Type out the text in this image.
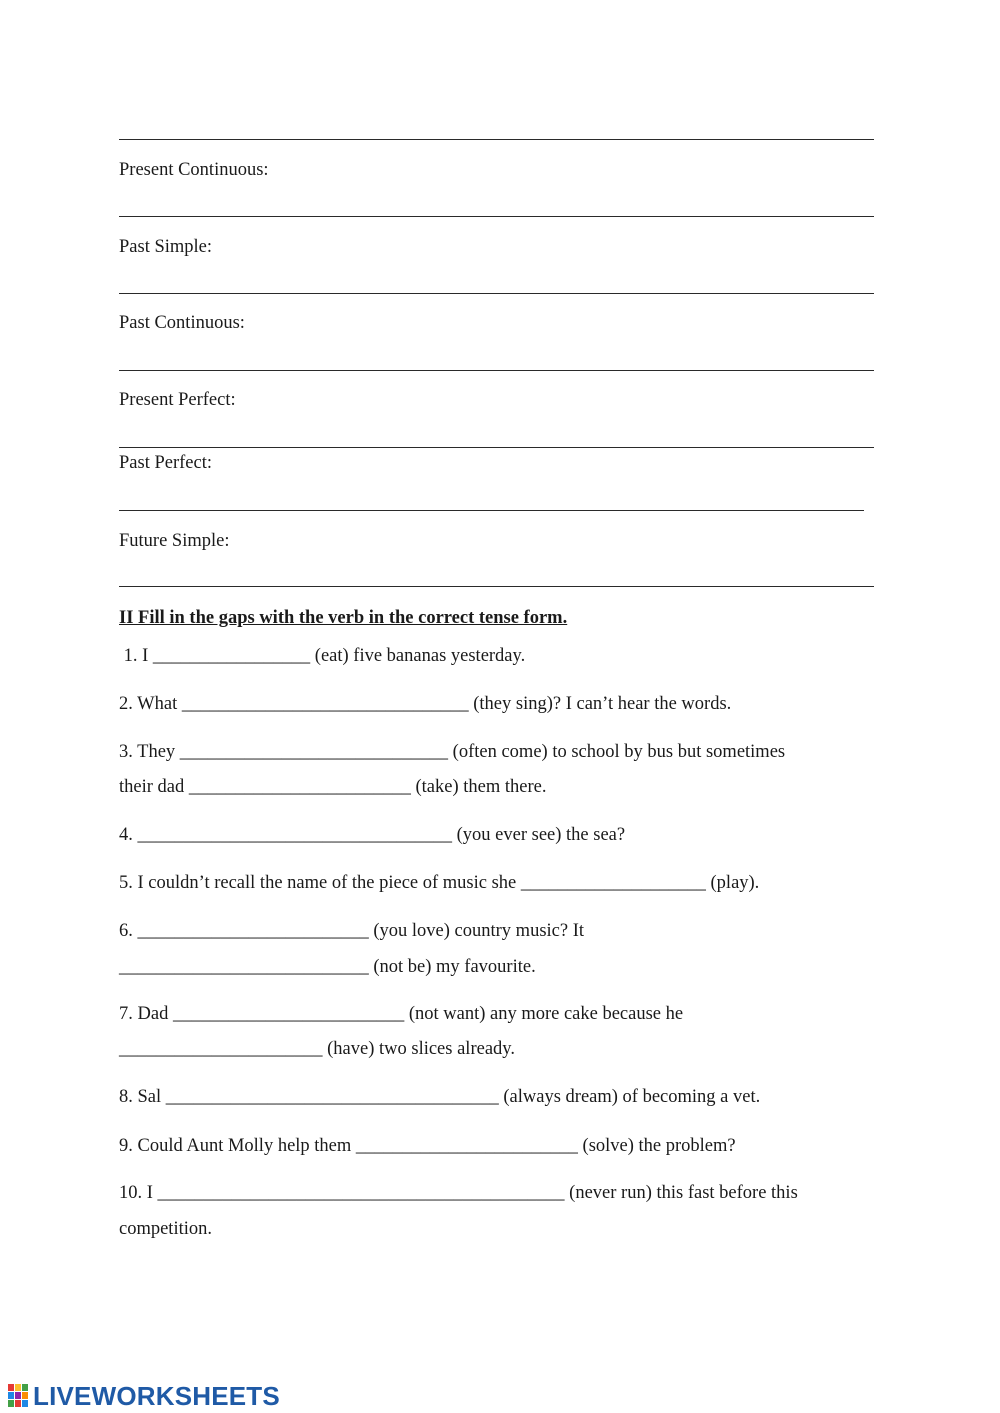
Present Continuous:
Past Simple:
Past Continuous:
Present Perfect:
Past Perfect:
Future Simple:
II Fill in the gaps with the verb in the correct tense form.
1. I _________________ (eat) five bananas yesterday.
2. What _______________________________ (they sing)? I can’t hear the words.
3. They _____________________________ (often come) to school by bus but sometimes
their dad ________________________ (take) them there.
4. __________________________________ (you ever see) the sea?
5. I couldn’t recall the name of the piece of music she ____________________ (play).
6. _________________________ (you love) country music? It
___________________________ (not be) my favourite.
7. Dad _________________________ (not want) any more cake because he
______________________ (have) two slices already.
8. Sal ____________________________________ (always dream) of becoming a vet.
9. Could Aunt Molly help them ________________________ (solve) the problem?
10. I ____________________________________________ (never run) this fast before this
competition.
LIVEWORKSHEETS
